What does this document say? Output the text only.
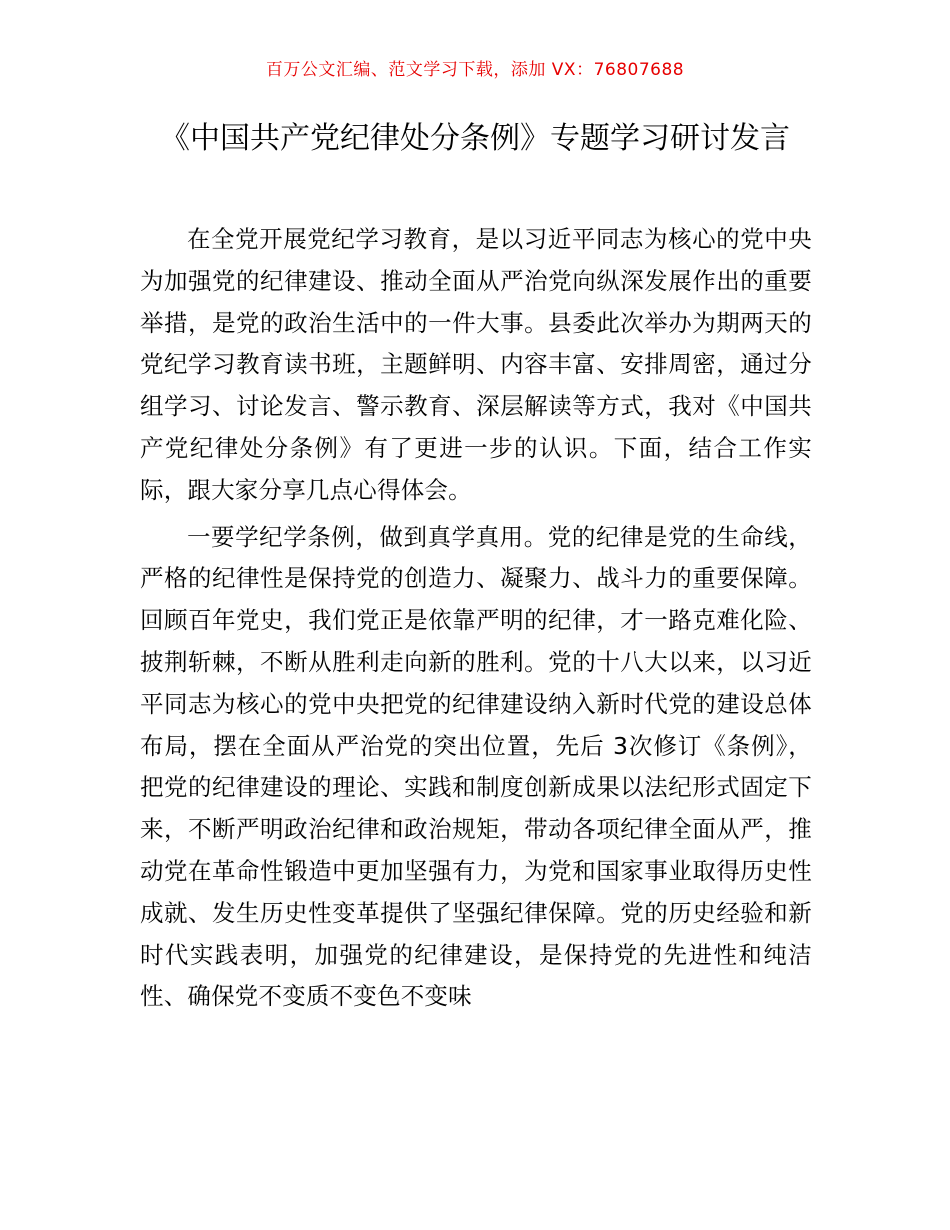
百万公文汇编、范文学习下载，添加 VX：76807688
《中国共产党纪律处分条例》专题学习研讨发言

在全党开展党纪学习教育，是以习近平同志为核心的党中央为加强党的纪律建设、推动全面从严治党向纵深发展作出的重要举措，是党的政治生活中的一件大事。县委此次举办为期两天的党纪学习教育读书班，主题鲜明、内容丰富、安排周密，通过分组学习、讨论发言、警示教育、深层解读等方式，我对《中国共产党纪律处分条例》有了更进一步的认识。下面，结合工作实际，跟大家分享几点心得体会。

一要学纪学条例，做到真学真用。党的纪律是党的生命线，严格的纪律性是保持党的创造力、凝聚力、战斗力的重要保障。回顾百年党史，我们党正是依靠严明的纪律，才一路克难化险、披荆斩棘，不断从胜利走向新的胜利。党的十八大以来，以习近平同志为核心的党中央把党的纪律建设纳入新时代党的建设总体布局，摆在全面从严治党的突出位置，先后 3次修订《条例》，把党的纪律建设的理论、实践和制度创新成果以法纪形式固定下来，不断严明政治纪律和政治规矩，带动各项纪律全面从严，推动党在革命性锻造中更加坚强有力，为党和国家事业取得历史性成就、发生历史性变革提供了坚强纪律保障。党的历史经验和新时代实践表明，加强党的纪律建设，是保持党的先进性和纯洁性、确保党不变质不变色不变味
